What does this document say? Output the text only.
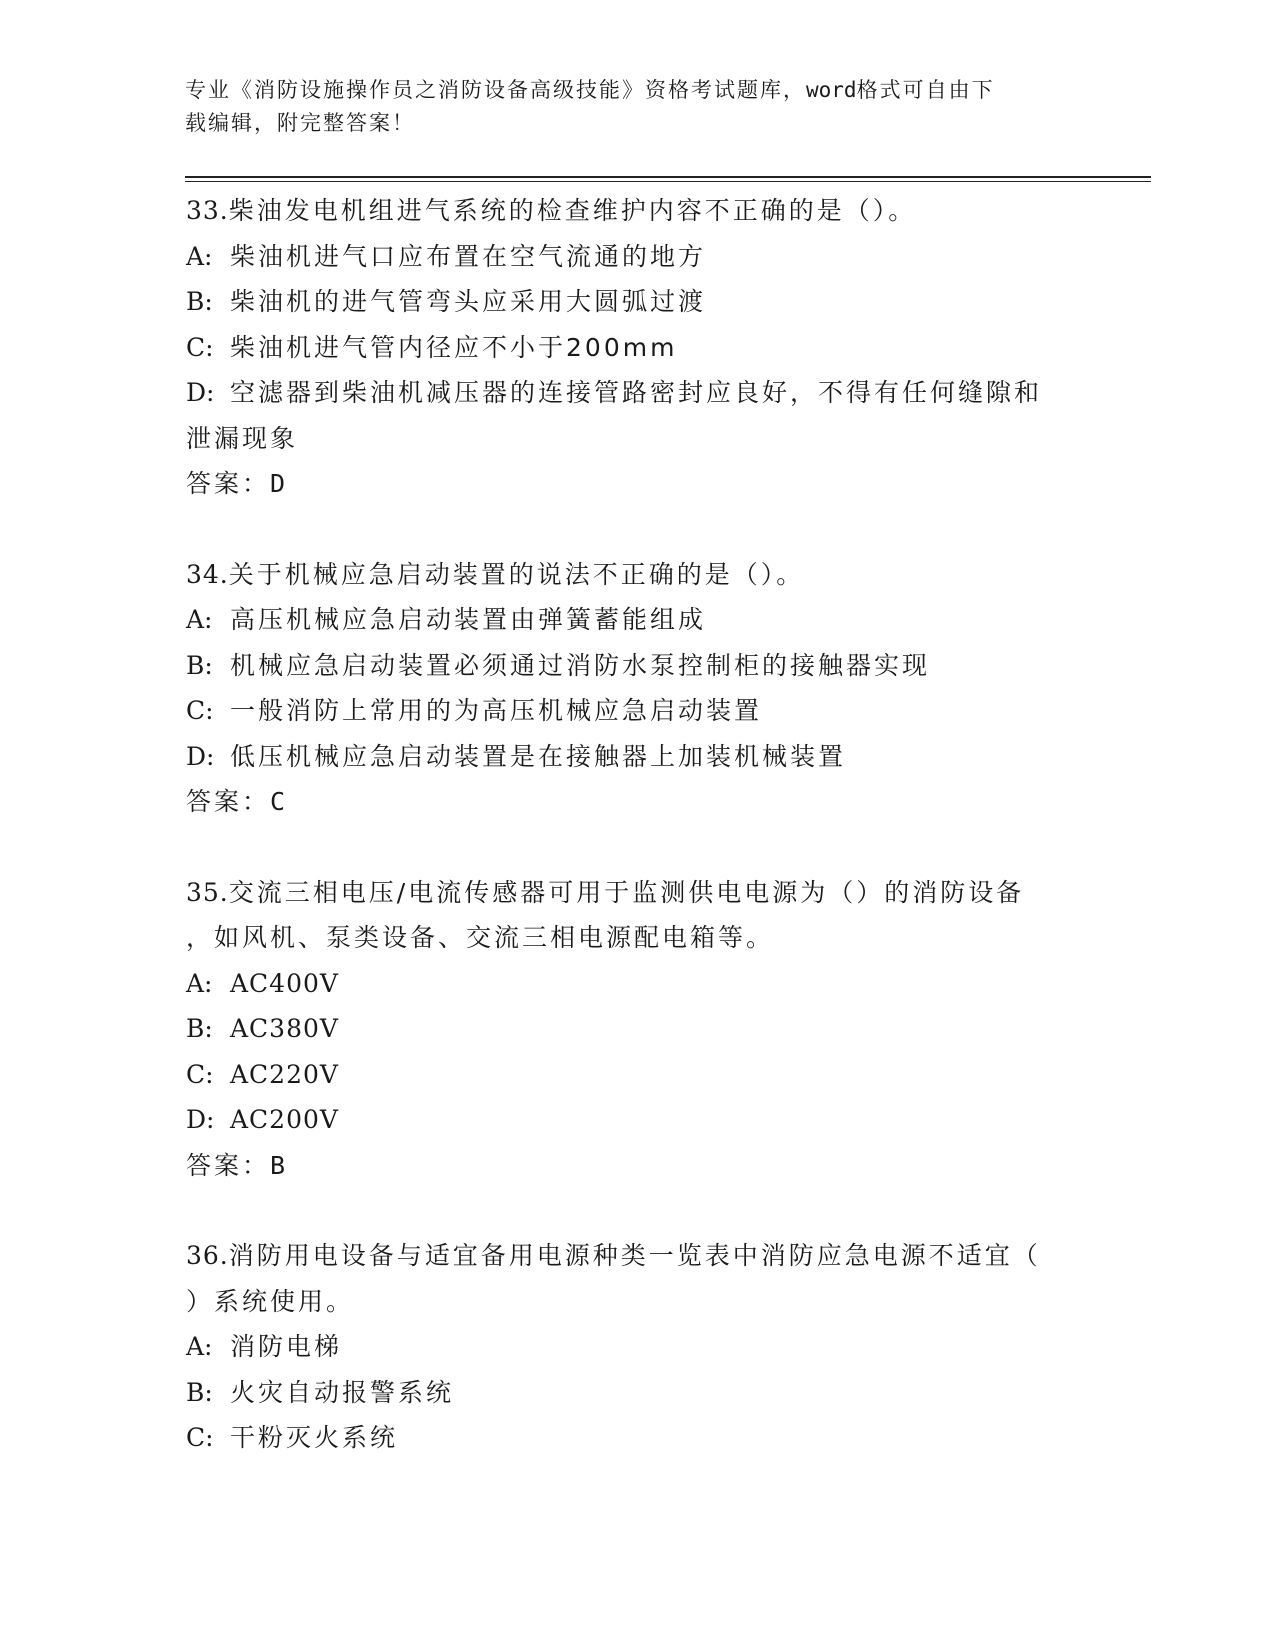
专业《消防设施操作员之消防设备高级技能》资格考试题库，word格式可自由下
载编辑，附完整答案！
33.柴油发电机组进气系统的检查维护内容不正确的是（）。
A: 柴油机进气口应布置在空气流通的地方
B: 柴油机的进气管弯头应采用大圆弧过渡
C: 柴油机进气管内径应不小于200mm
D: 空滤器到柴油机减压器的连接管路密封应良好，不得有任何缝隙和
泄漏现象
答案：D
34.关于机械应急启动装置的说法不正确的是（）。
A: 高压机械应急启动装置由弹簧蓄能组成
B: 机械应急启动装置必须通过消防水泵控制柜的接触器实现
C: 一般消防上常用的为高压机械应急启动装置
D: 低压机械应急启动装置是在接触器上加装机械装置
答案：C
35.交流三相电压/电流传感器可用于监测供电电源为（）的消防设备
，如风机、泵类设备、交流三相电源配电箱等。
A: AC400V
B: AC380V
C: AC220V
D: AC200V
答案：B
36.消防用电设备与适宜备用电源种类一览表中消防应急电源不适宜（
）系统使用。
A: 消防电梯
B: 火灾自动报警系统
C: 干粉灭火系统
